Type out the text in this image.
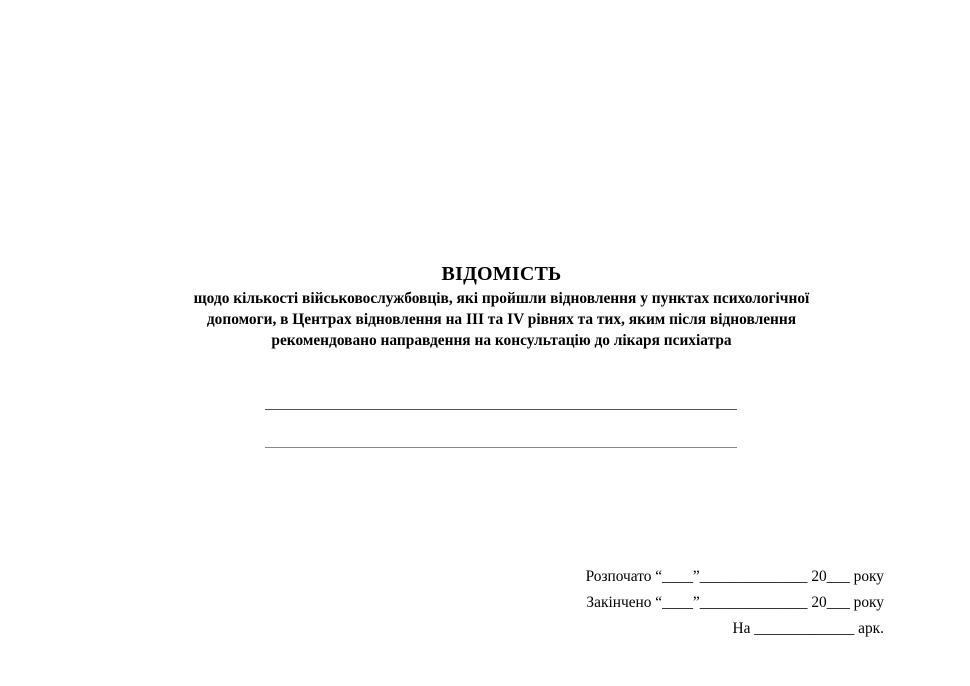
ВІДОМІСТЬ
щодо кількості військовослужбовців, які пройшли відновлення у пунктах психологічної
допомоги, в Центрах відновлення на ІІІ та IV рівнях та тих, яким після відновлення
рекомендовано направдення на консультацію до лікаря психіатра
Розпочато “____”______________ 20___ року
Закінчено “____”______________ 20___ року
На _____________ арк.
